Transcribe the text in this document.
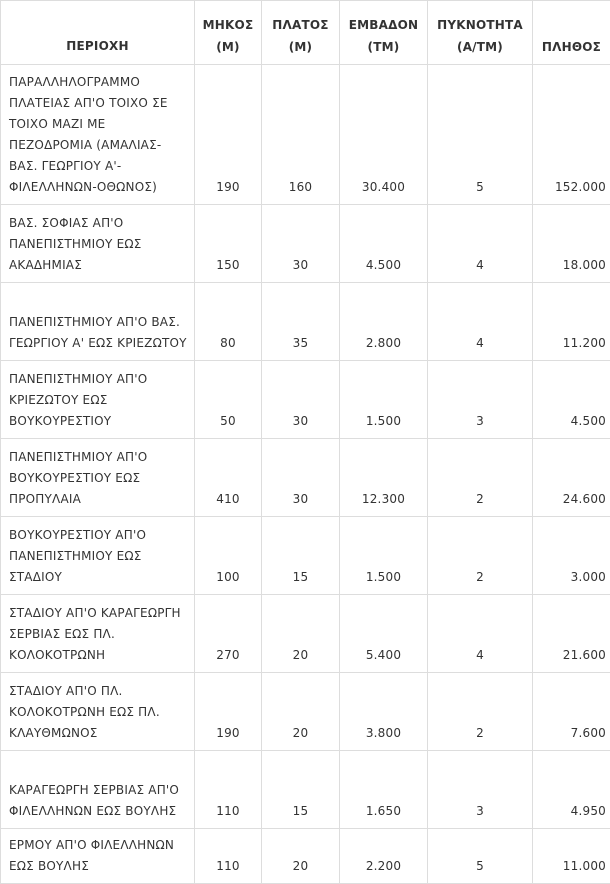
ΠΕΡΙΟΧΗ	ΜΗΚΟΣ (Μ)	ΠΛΑΤΟΣ (Μ)	ΕΜΒΑΔΟΝ (ΤΜ)	ΠΥΚΝΟΤΗΤΑ (Α/ΤΜ)	ΠΛΗΘΟΣ
ΠΑΡΑΛΛΗΛΟΓΡΑΜΜΟ ΠΛΑΤΕΙΑΣ ΑΠ'Ο ΤΟΙΧΟ ΣΕ ΤΟΙΧΟ ΜΑΖΙ ΜΕ ΠΕΖΟΔΡΟΜΙΑ (ΑΜΑΛΙΑΣ-ΒΑΣ. ΓΕΩΡΓΙΟΥ Α'-ΦΙΛΕΛΛΗΝΩΝ-ΟΘΩΝΟΣ)	190	160	30.400	5	152.000
ΒΑΣ. ΣΟΦΙΑΣ ΑΠ'Ο ΠΑΝΕΠΙΣΤΗΜΙΟΥ ΕΩΣ ΑΚΑΔΗΜΙΑΣ	150	30	4.500	4	18.000
ΠΑΝΕΠΙΣΤΗΜΙΟΥ ΑΠ'Ο ΒΑΣ. ΓΕΩΡΓΙΟΥ Α' ΕΩΣ ΚΡΙΕΖΩΤΟΥ	80	35	2.800	4	11.200
ΠΑΝΕΠΙΣΤΗΜΙΟΥ ΑΠ'Ο ΚΡΙΕΖΩΤΟΥ ΕΩΣ ΒΟΥΚΟΥΡΕΣΤΙΟΥ	50	30	1.500	3	4.500
ΠΑΝΕΠΙΣΤΗΜΙΟΥ ΑΠ'Ο ΒΟΥΚΟΥΡΕΣΤΙΟΥ ΕΩΣ ΠΡΟΠΥΛΑΙΑ	410	30	12.300	2	24.600
ΒΟΥΚΟΥΡΕΣΤΙΟΥ ΑΠ'Ο ΠΑΝΕΠΙΣΤΗΜΙΟΥ ΕΩΣ ΣΤΑΔΙΟΥ	100	15	1.500	2	3.000
ΣΤΑΔΙΟΥ ΑΠ'Ο ΚΑΡΑΓΕΩΡΓΗ ΣΕΡΒΙΑΣ ΕΩΣ ΠΛ. ΚΟΛΟΚΟΤΡΩΝΗ	270	20	5.400	4	21.600
ΣΤΑΔΙΟΥ ΑΠ'Ο ΠΛ. ΚΟΛΟΚΟΤΡΩΝΗ ΕΩΣ ΠΛ. ΚΛΑΥΘΜΩΝΟΣ	190	20	3.800	2	7.600
ΚΑΡΑΓΕΩΡΓΗ ΣΕΡΒΙΑΣ ΑΠ'Ο ΦΙΛΕΛΛΗΝΩΝ ΕΩΣ ΒΟΥΛΗΣ	110	15	1.650	3	4.950
ΕΡΜΟΥ ΑΠ'Ο ΦΙΛΕΛΛΗΝΩΝ ΕΩΣ ΒΟΥΛΗΣ	110	20	2.200	5	11.000
